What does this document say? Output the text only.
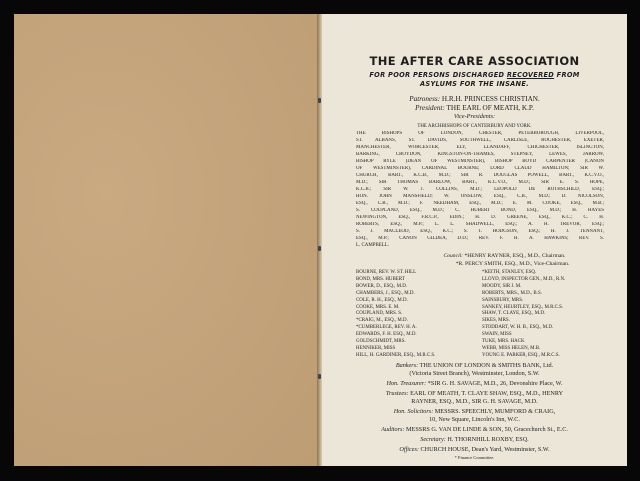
THE AFTER CARE ASSOCIATION
FOR POOR PERSONS DISCHARGED RECOVERED FROM
ASYLUMS FOR THE INSANE.
Patroness: H.R.H. PRINCESS CHRISTIAN.
President: THE EARL OF MEATH, K.P.
Vice-Presidents:
THE ARCHBISHOPS OF CANTERBURY AND YORK.
THE BISHOPS OF LONDON, CHESTER, PETERBOROUGH, LIVERPOOL,
ST. ALBANS, ST. DAVIDS, SOUTHWELL, CARLISLE, ROCHESTER, EXETER,
MANCHESTER, WORCESTER, ELY, LLANDAFF, CHICHESTER, ISLINGTON,
BARKING, CROYDON, KINGSTON-ON-THAMES, STEPNEY, LEWES, JARROW,
BISHOP RYLE (DEAN OF WESTMINSTER), BISHOP BOYD CARPENTER (CANON
OF WESTMINSTER), CARDINAL BOURNE; LORD CLAUD HAMILTON; SIR W.
CHURCH, BART., K.C.B., M.D.; SIR R. DOUGLAS POWELL, BART., K.C.V.O.,
M.D.; SIR THOMAS BARLOW, BART., K.C.V.O., M.D.; SIR E. S. HOPE,
K.C.B.; SIR W. J. COLLINS, M.D.; LEOPOLD DE ROTHSCHILD, ESQ.;
HON. JOHN MANSFIELD; W. ONSLOW, ESQ., C.B., M.D.; D. NICOLSON,
ESQ., C.B., M.D.; F. NEEDHAM, ESQ., M.D.; E. M. COOKE, ESQ., M.B.;
S. COUPLAND, ESQ., M.D.; C. HUBERT BOND, ESQ., M.D.; H. HAYES
NEWINGTON, ESQ., F.R.C.P., EDIN.; H. D. GREENE, ESQ., K.C.; C. H.
ROBERTS, ESQ., M.P.; L. L. SHADWELL, ESQ.; A. H. TREVOR, ESQ.;
S. J. MACLEOD, ESQ., K.C.; S. T. HODGSON, ESQ.; H. J. TENNANT,
ESQ., M.P.; CANON GILDEA, D.D.; REV. F. H. A. HAWKINS; REV. S.
L. CAMPBELL.
Council: *HENRY RAYNER, ESQ., M.D., Chairman.
*R. PERCY SMITH, ESQ., M.D., Vice-Chairman.
BOURNE, REV. W. ST. HILL
BOND, MRS. HUBERT
BOWER, D., ESQ., M.D.
CHAMBERS, J., ESQ., M.D.
COLE, R. H., ESQ., M.D.
COOKE, MRS. E. M.
COUPLAND, MRS. S.
*CRAIG, M., ESQ., M.D.
*CUMBERLEGE, REV. H. A.
EDWARDS, F. H. ESQ., M.D.
GOLDSCHMIDT, MRS.
HENNIKER, MISS
HILL, H. GARDINER, ESQ., M.R.C.S.
*KEITH, STANLEY, ESQ.
LLOYD, INSPECTOR GEN., M.D., R.N.
MOODY, SIR J. M.
ROBERTS, MRS., M.D., B.S.
SAINSBURY, MRS.
SANKEY, HEURTLEY, ESQ., M.R.C.S.
SHAW, T. CLAYE, ESQ., M.D.
SIKES, MRS.
STODDART, W. H. B., ESQ., M.D.
SWAIN, MISS
TUKE, MRS. HACK
WEBB, MISS HELEN, M.B.
YOUNG E. PARKER, ESQ., M.R.C.S.
Bankers: THE UNION OF LONDON & SMITHS BANK, Ltd.
(Victoria Street Branch), Westminster, London, S.W.
Hon. Treasurer: *SIR G. H. SAVAGE, M.D., 26, Devonshire Place, W.
Trustees: EARL OF MEATH, T. CLAYE SHAW, ESQ., M.D., HENRY
RAYNER, ESQ., M.D., SIR G. H. SAVAGE, M.D.
Hon. Solicitors: MESSRS. SPEECHLY, MUMFORD & CRAIG,
10, New Square, Lincoln's Inn, W.C.
Auditors: MESSRS G. VAN DE LINDE & SON, 50, Gracechurch St., E.C.
Secretary: H. THORNHILL ROXBY, ESQ.
Offices: CHURCH HOUSE, Dean's Yard, Westminster, S.W.
* Finance Committee.
